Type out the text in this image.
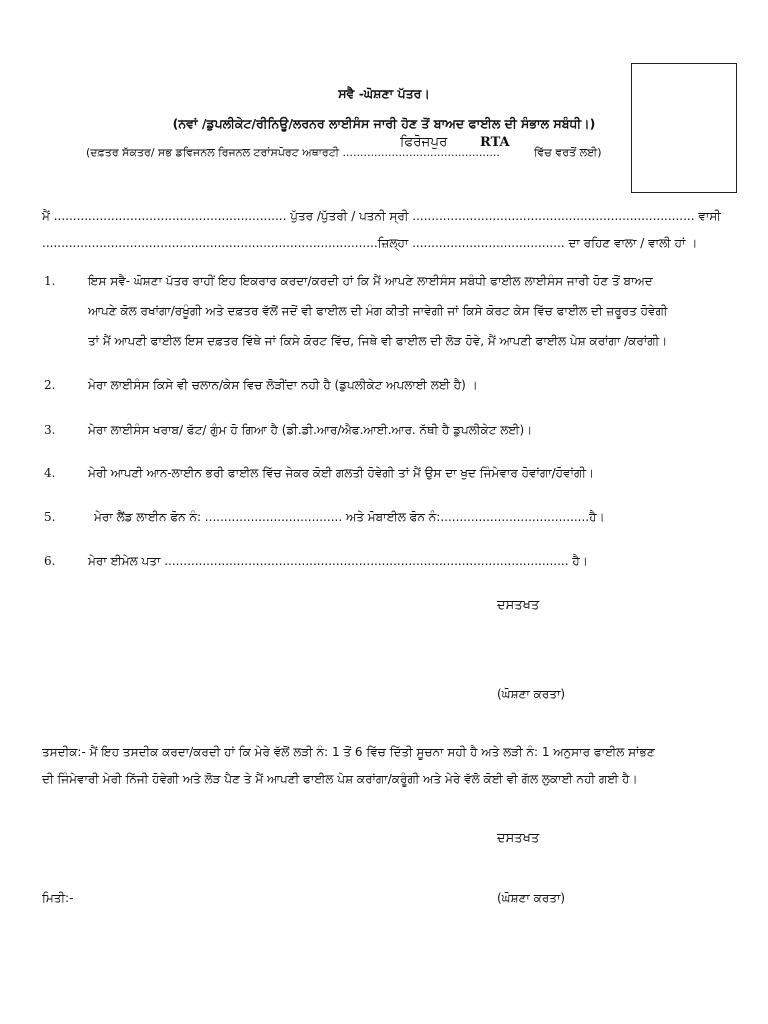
ਸਵੈ -ਘੋਸ਼ਣਾ ਪੱਤਰ।
(ਨਵਾਂ /ਡੁਪਲੀਕੇਟ/ਰੀਨਿਊ/ਲਰਨਰ ਲਾਈਸੰਸ ਜਾਰੀ ਹੋਣ ਤੋਂ ਬਾਅਦ ਫਾਈਲ ਦੀ ਸੰਭਾਲ ਸਬੰਧੀ।)
(ਦਫ਼ਤਰ ਸੱਕਤਰ/ ਸਭ ਡਵਿਜਨਲ ਰਿਜਨਲ ਟਰਾਂਸਪੋਰਟ ਅਥਾਰਟੀ .............................................	ਵਿੱਚ ਵਰਤੋਂ ਲਈ)
ਫਿਰੋਜਪੁਰ	RTA
ਮੈਂ ............................................................. ਪੁੱਤਰ /ਪੁੱਤਰੀ / ਪਤਨੀ ਸ੍ਰੀ .......................................................................... ਵਾਸੀ
........................................................................................ਜ਼ਿਲ੍ਹਾ ........................................ ਦਾ ਰਹਿਣ ਵਾਲਾ / ਵਾਲੀ ਹਾਂ ।
1.	ਇਸ ਸਵੈ- ਘੋਸ਼ਣਾ ਪੱਤਰ ਰਾਹੀਂ ਇਹ ਇਕਰਾਰ ਕਰਦਾ/ਕਰਦੀ ਹਾਂ ਕਿ ਮੈਂ ਆਪਣੇ ਲਾਈਸੰਸ ਸਬੰਧੀ ਫਾਈਲ ਲਾਈਸੰਸ ਜਾਰੀ ਹੋਣ ਤੋਂ ਬਾਅਦ
ਆਪਣੇ ਕੋਲ ਰਖਾਂਗਾ/ਰਖੂੰਗੀ ਅਤੇ ਦਫ਼ਤਰ ਵੱਲੋਂ ਜਦੋਂ ਵੀ ਫਾਈਲ ਦੀ ਮੰਗ ਕੀਤੀ ਜਾਵੇਗੀ ਜਾਂ ਕਿਸੇ ਕੋਰਟ ਕੇਸ ਵਿੱਚ ਫਾਈਲ ਦੀ ਜ਼ਰੂਰਤ ਹੋਵੇਗੀ
ਤਾਂ ਮੈਂ ਆਪਣੀ ਫਾਈਲ ਇਸ ਦਫ਼ਤਰ ਵਿੱਥੇ ਜਾਂ ਕਿਸੇ ਕੋਰਟ ਵਿੱਚ, ਜਿਥੇ ਵੀ ਫਾਈਲ ਦੀ ਲੋੜ ਹੋਵੇ, ਮੈਂ ਆਪਣੀ ਫਾਈਲ ਪੇਸ਼ ਕਰਾਂਗਾ /ਕਰਾਂਗੀ।
2.	ਮੇਰਾ ਲਾਈਸੰਸ ਕਿਸੇ ਵੀ ਚਲਾਨ/ਕੇਸ ਵਿਚ ਲੋੜੀਂਦਾ ਨਹੀ ਹੈ (ਡੁਪਲੀਕੇਟ ਅਪਲਾਈ ਲਈ ਹੈ) ।
3.	ਮੇਰਾ ਲਾਈਸੰਸ ਖਰਾਬ/ ਫੱਟ/ ਗੁੰਮ ਹੋ ਗਿਆ ਹੈ (ਡੀ.ਡੀ.ਆਰ/ਐਫ.ਆਈ.ਆਰ. ਨੱਥੀ ਹੈ ਡੁਪਲੀਕੇਟ ਲਈ)।
4.	ਮੇਰੀ ਆਪਣੀ ਆਨ-ਲਾਈਨ ਭਰੀ ਫਾਈਲ ਵਿੱਚ ਜੇਕਰ ਕੋਈ ਗਲਤੀ ਹੋਵੇਗੀ ਤਾਂ ਮੈਂ ਉਸ ਦਾ ਖੁਦ ਜਿੰਮੇਵਾਰ ਹੋਵਾਂਗਾ/ਹੋਵਾਂਗੀ।
5.	ਮੇਰਾ ਲੈਂਡ ਲਾਈਨ ਫੋਨ ਨੰ: .................................... ਅਤੇ ਮੋਬਾਈਲ ਫੋਨ ਨੰ:.......................................ਹੈ।
6.	ਮੇਰਾ ਈਮੇਲ ਪਤਾ .......................................................................................................... ਹੈ।
ਦਸਤਖਤ
(ਘੋਸ਼ਣਾ ਕਰਤਾ)
ਤਸਦੀਕ:- ਮੈਂ ਇਹ ਤਸਦੀਕ ਕਰਦਾ/ਕਰਦੀ ਹਾਂ ਕਿ ਮੇਰੇ ਵੱਲੋਂ ਲੜੀ ਨੰ: 1 ਤੋਂ 6 ਵਿੱਚ ਦਿੱਤੀ ਸੂਚਨਾ ਸਹੀ ਹੈ ਅਤੇ ਲੜੀ ਨੰ: 1 ਅਨੁਸਾਰ ਫਾਈਲ ਸਾਂਭਣ
ਦੀ ਜਿੰਮੇਵਾਰੀ ਮੇਰੀ ਨਿੱਜੀ ਹੋਵੇਗੀ ਅਤੇ ਲੋੜ ਪੈਣ ਤੇ ਮੈਂ ਆਪਣੀ ਫਾਈਲ ਪੇਸ਼ ਕਰਾਂਗਾ/ਕਰੂੰਗੀ ਅਤੇ ਮੇਰੇ ਵੱਲੋ ਕੋਈ ਵੀ ਗੱਲ ਲੁਕਾਈ ਨਹੀ ਗਈ ਹੈ।
ਦਸਤਖਤ
ਮਿਤੀ:-	(ਘੋਸ਼ਣਾ ਕਰਤਾ)
